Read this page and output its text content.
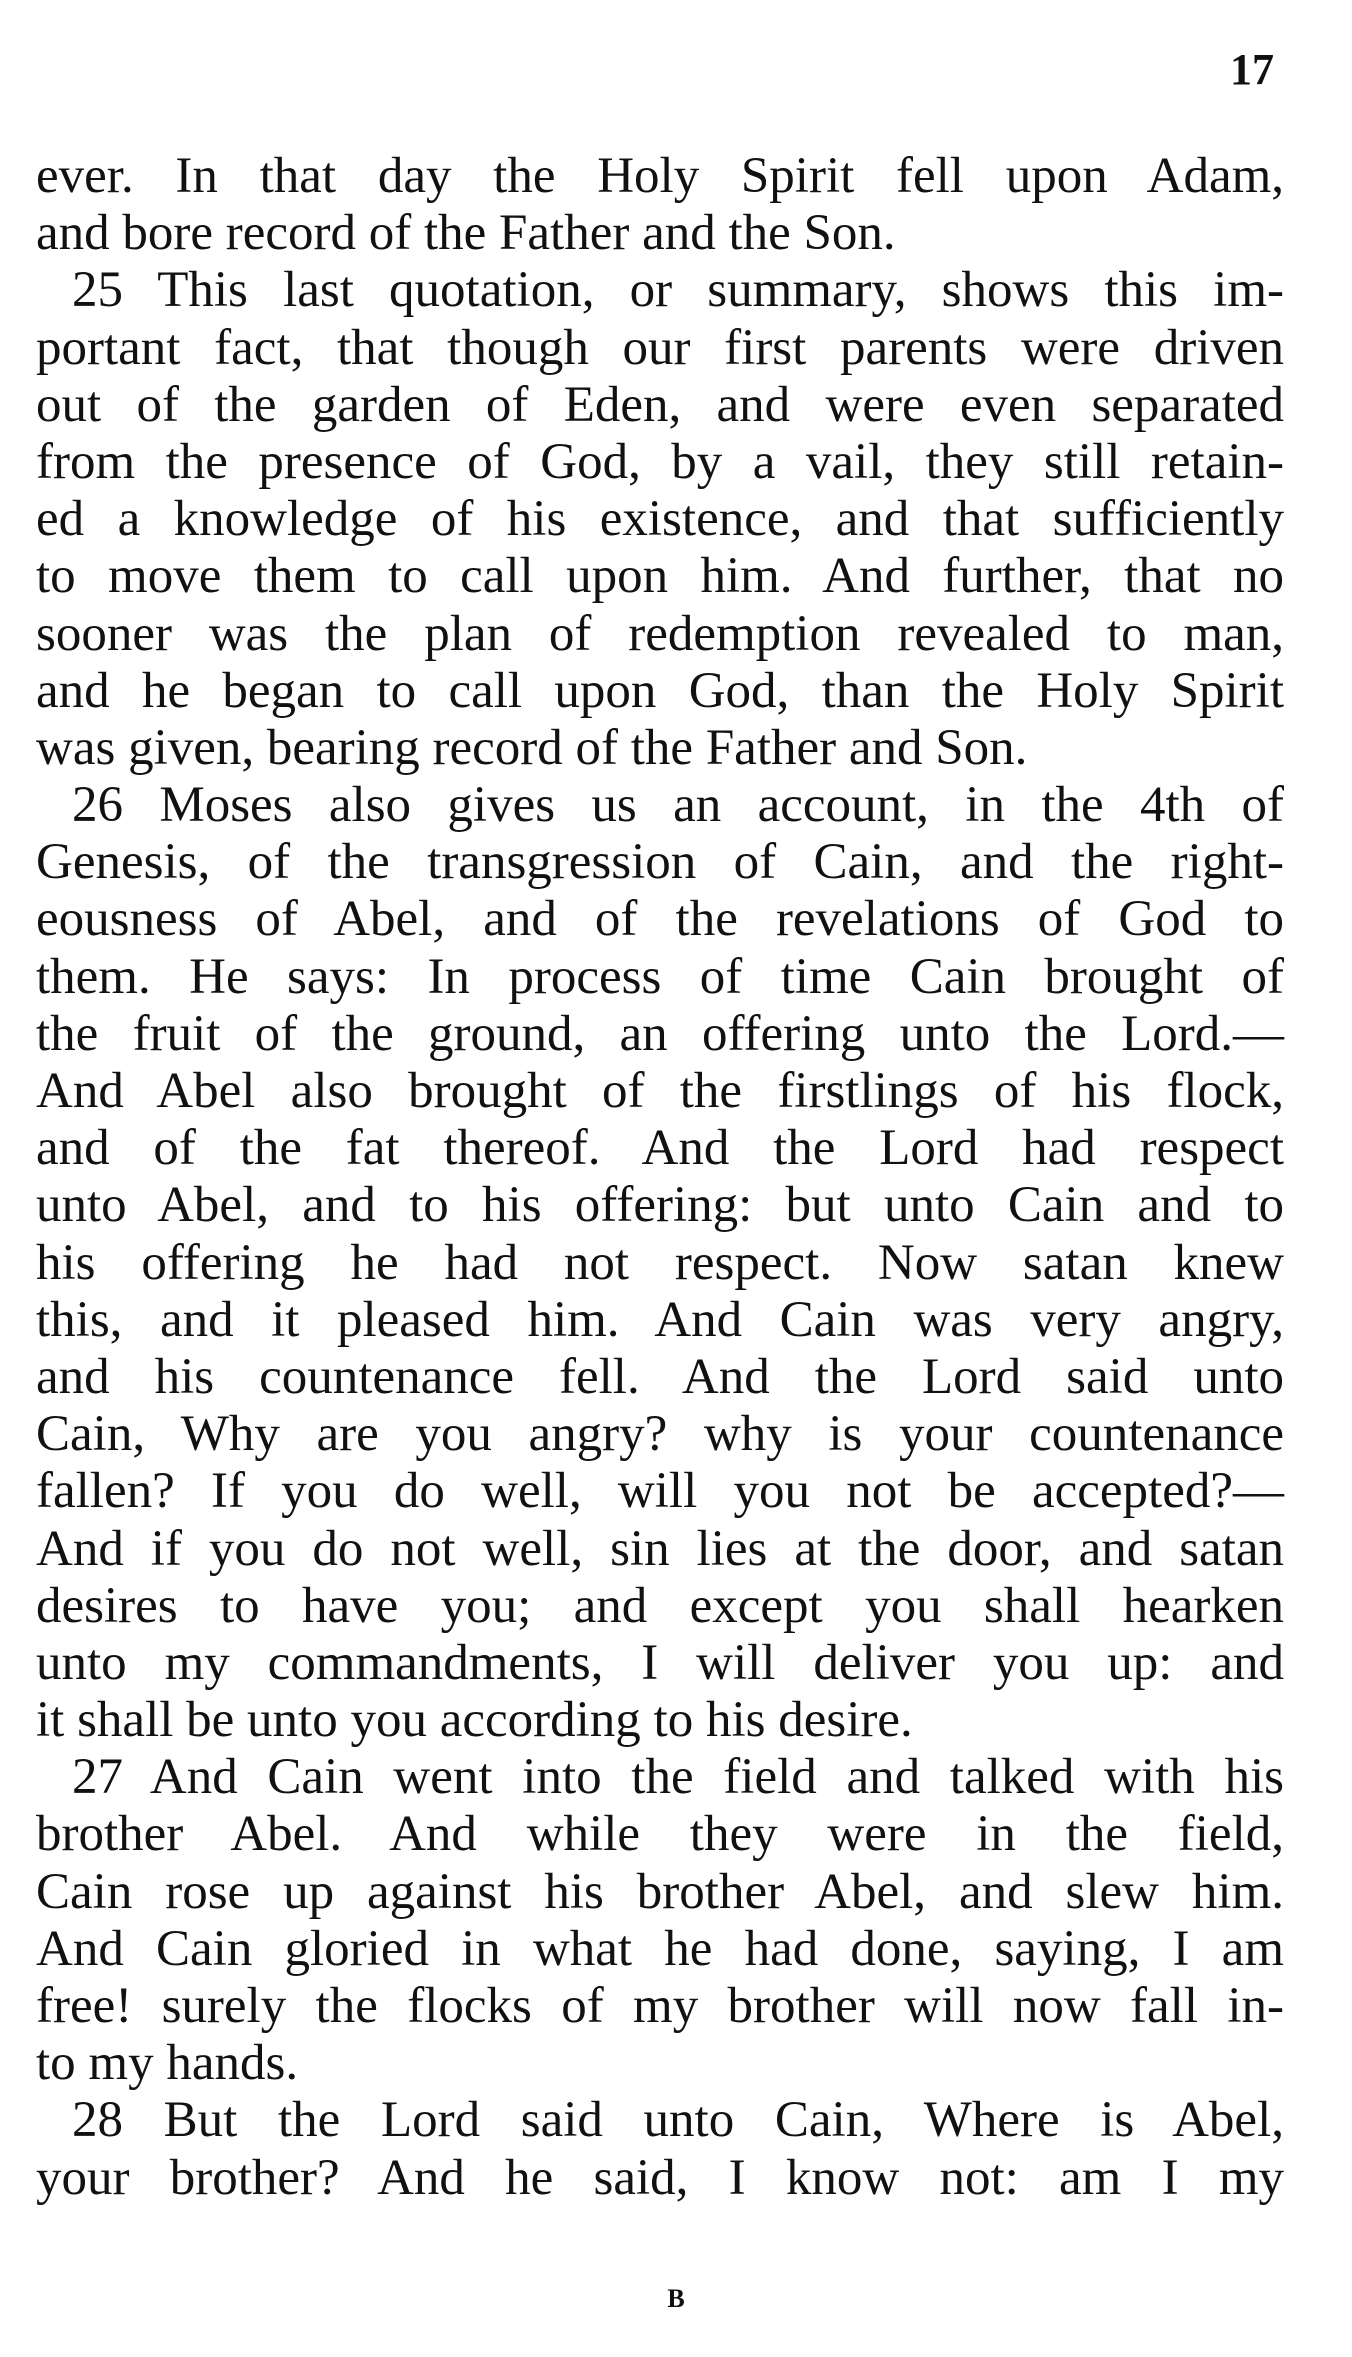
17
ever. In that day the Holy Spirit fell upon Adam,
and bore record of the Father and the Son.
25 This last quotation, or summary, shows this im-
portant fact, that though our first parents were driven
out of the garden of Eden, and were even separated
from the presence of God, by a vail, they still retain-
ed a knowledge of his existence, and that sufficiently
to move them to call upon him. And further, that no
sooner was the plan of redemption revealed to man,
and he began to call upon God, than the Holy Spirit
was given, bearing record of the Father and Son.
26 Moses also gives us an account, in the 4th of
Genesis, of the transgression of Cain, and the right-
eousness of Abel, and of the revelations of God to
them. He says: In process of time Cain brought of
the fruit of the ground, an offering unto the Lord.—
And Abel also brought of the firstlings of his flock,
and of the fat thereof. And the Lord had respect
unto Abel, and to his offering: but unto Cain and to
his offering he had not respect. Now satan knew
this, and it pleased him. And Cain was very angry,
and his countenance fell. And the Lord said unto
Cain, Why are you angry? why is your countenance
fallen? If you do well, will you not be accepted?—
And if you do not well, sin lies at the door, and satan
desires to have you; and except you shall hearken
unto my commandments, I will deliver you up: and
it shall be unto you according to his desire.
27 And Cain went into the field and talked with his
brother Abel. And while they were in the field,
Cain rose up against his brother Abel, and slew him.
And Cain gloried in what he had done, saying, I am
free! surely the flocks of my brother will now fall in-
to my hands.
28 But the Lord said unto Cain, Where is Abel,
your brother? And he said, I know not: am I my
B
